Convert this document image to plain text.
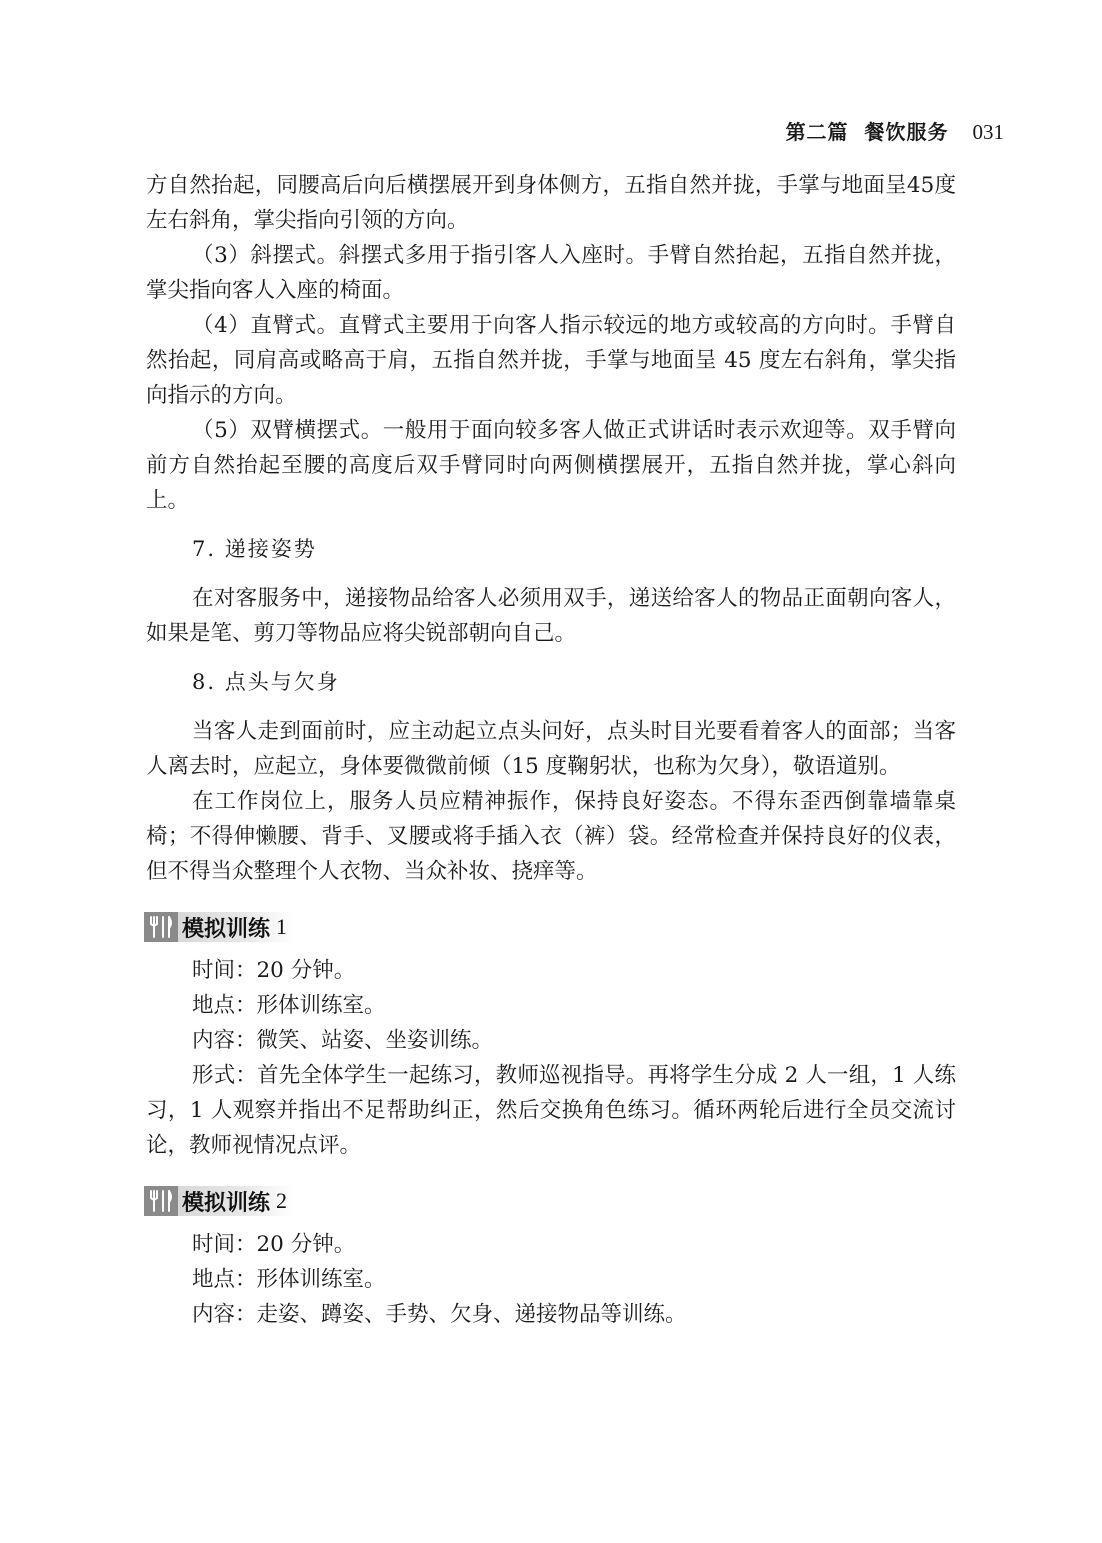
第二篇 餐饮服务 031

方自然抬起，同腰高后向后横摆展开到身体侧方，五指自然并拢，手掌与地面呈45度左右斜角，掌尖指向引领的方向。

（3）斜摆式。斜摆式多用于指引客人入座时。手臂自然抬起，五指自然并拢，掌尖指向客人入座的椅面。

（4）直臂式。直臂式主要用于向客人指示较远的地方或较高的方向时。手臂自然抬起，同肩高或略高于肩，五指自然并拢，手掌与地面呈 45 度左右斜角，掌尖指向指示的方向。

（5）双臂横摆式。一般用于面向较多客人做正式讲话时表示欢迎等。双手臂向前方自然抬起至腰的高度后双手臂同时向两侧横摆展开，五指自然并拢，掌心斜向上。

7. 递接姿势

在对客服务中，递接物品给客人必须用双手，递送给客人的物品正面朝向客人，如果是笔、剪刀等物品应将尖锐部朝向自己。

8. 点头与欠身

当客人走到面前时，应主动起立点头问好，点头时目光要看着客人的面部；当客人离去时，应起立，身体要微微前倾（15 度鞠躬状，也称为欠身），敬语道别。

在工作岗位上，服务人员应精神振作，保持良好姿态。不得东歪西倒靠墙靠桌椅；不得伸懒腰、背手、叉腰或将手插入衣（裤）袋。经常检查并保持良好的仪表，但不得当众整理个人衣物、当众补妆、挠痒等。

模拟训练 1

时间：20 分钟。

地点：形体训练室。

内容：微笑、站姿、坐姿训练。

形式：首先全体学生一起练习，教师巡视指导。再将学生分成 2 人一组，1 人练习，1 人观察并指出不足帮助纠正，然后交换角色练习。循环两轮后进行全员交流讨论，教师视情况点评。

模拟训练 2

时间：20 分钟。

地点：形体训练室。

内容：走姿、蹲姿、手势、欠身、递接物品等训练。
